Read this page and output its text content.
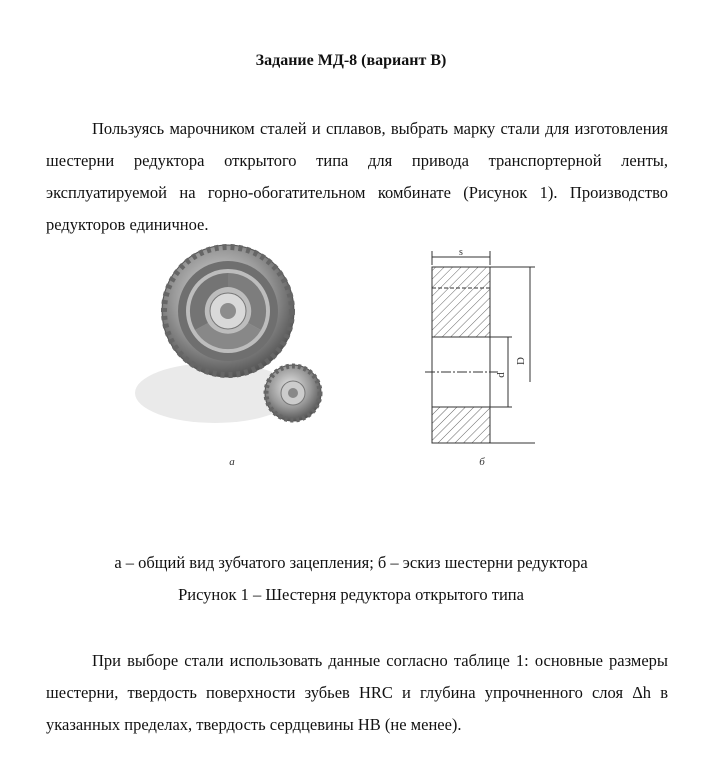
Задание МД-8 (вариант В)

Пользуясь марочником сталей и сплавов, выбрать марку стали для изготовления шестерни редуктора открытого типа для привода транспортерной ленты, эксплуатируемой на горно-обогатительном комбинате (Рисунок 1). Производство редукторов единичное.

а
s
D
d
б
а – общий вид зубчатого зацепления; б – эскиз шестерни редуктора
Рисунок 1 – Шестерня редуктора открытого типа

При выборе стали использовать данные согласно таблице 1: основные размеры шестерни, твердость поверхности зубьев HRC и глубина упрочненного слоя Δh в указанных пределах, твердость сердцевины HB (не менее).
